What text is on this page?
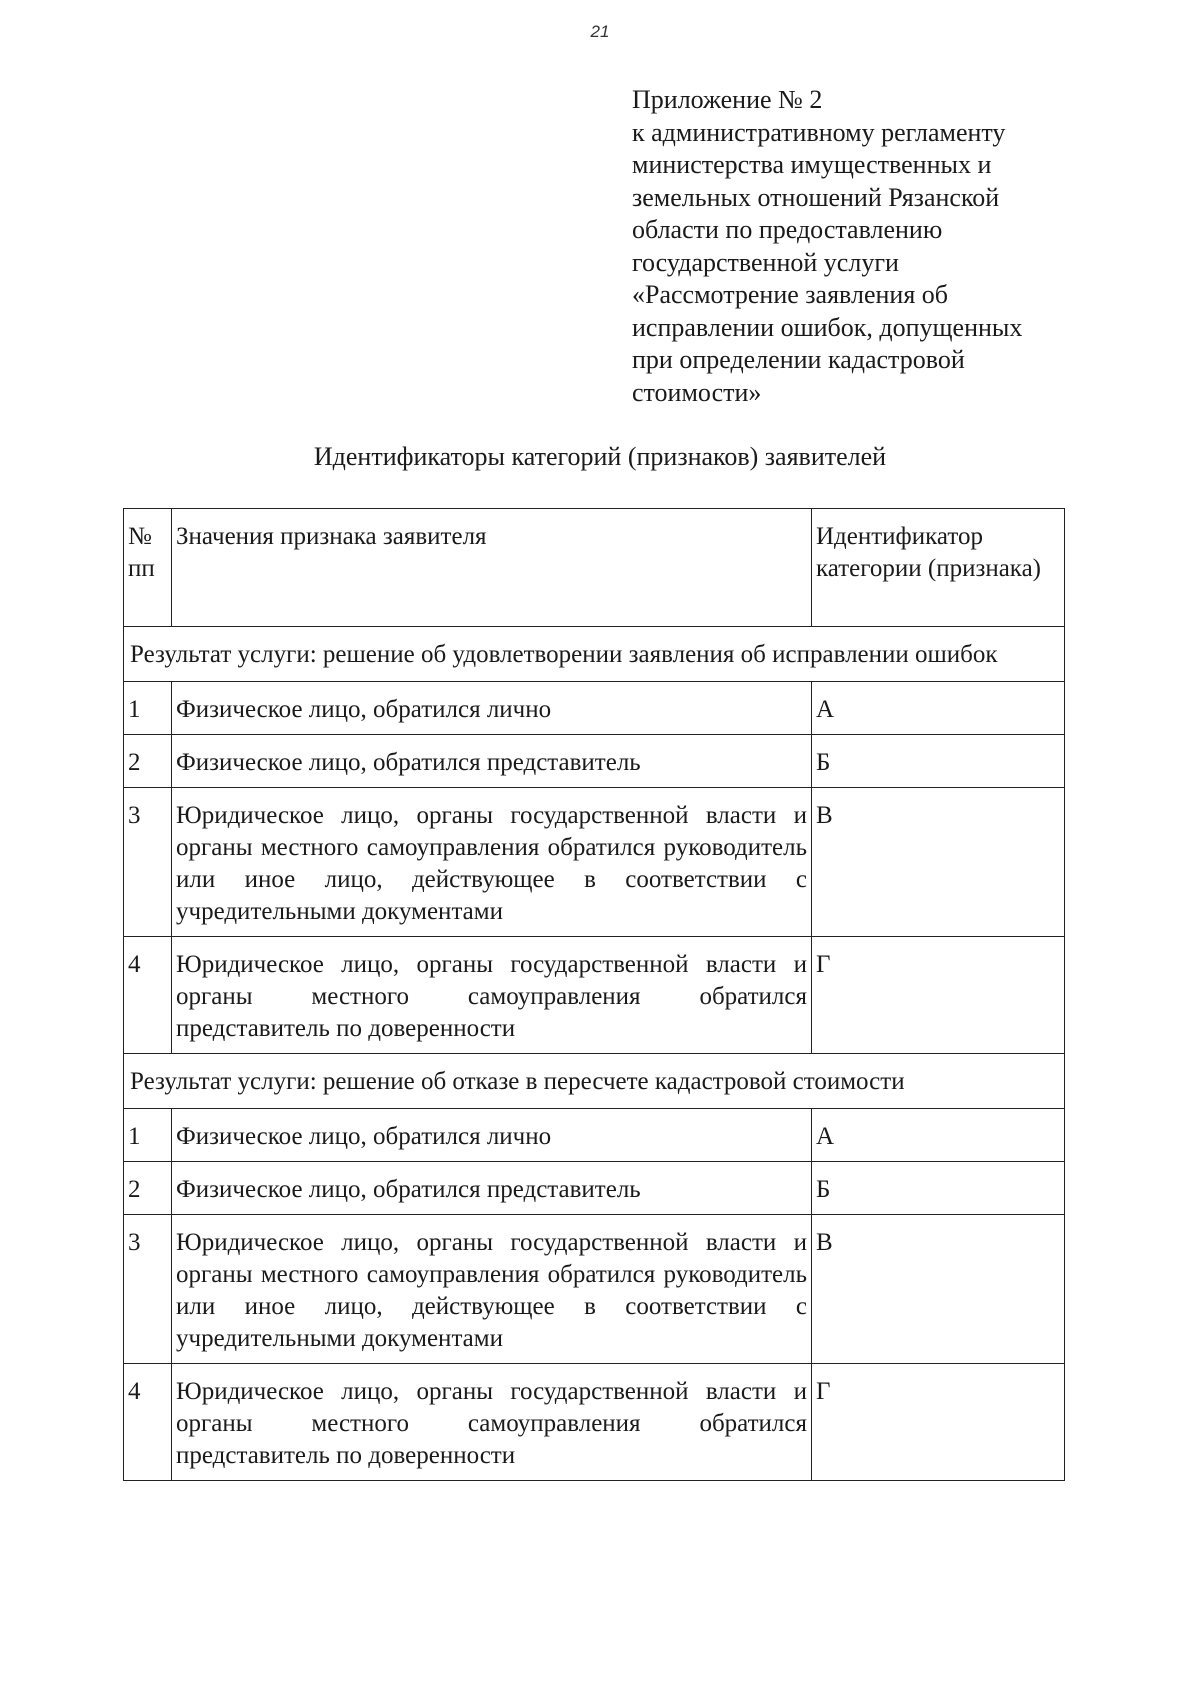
21
Приложение № 2
к административному регламенту
министерства имущественных и
земельных отношений Рязанской
области по предоставлению
государственной услуги
«Рассмотрение заявления об
исправлении ошибок, допущенных
при определении кадастровой
стоимости»
Идентификаторы категорий (признаков) заявителей
№ пп	Значения признака заявителя	Идентификатор категории (признака)
Результат услуги: решение об удовлетворении заявления об исправлении ошибок		
1	Физическое лицо, обратился лично	А
2	Физическое лицо, обратился представитель	Б
3	Юридическое лицо, органы государственной власти и органы местного самоуправления обратился руководитель или иное лицо, действующее в соответствии с учредительными документами	В
4	Юридическое лицо, органы государственной власти и органы местного самоуправления обратился представитель по доверенности	Г
Результат услуги: решение об отказе в пересчете кадастровой стоимости		
1	Физическое лицо, обратился лично	А
2	Физическое лицо, обратился представитель	Б
3	Юридическое лицо, органы государственной власти и органы местного самоуправления обратился руководитель или иное лицо, действующее в соответствии с учредительными документами	В
4	Юридическое лицо, органы государственной власти и органы местного самоуправления обратился представитель по доверенности	Г
